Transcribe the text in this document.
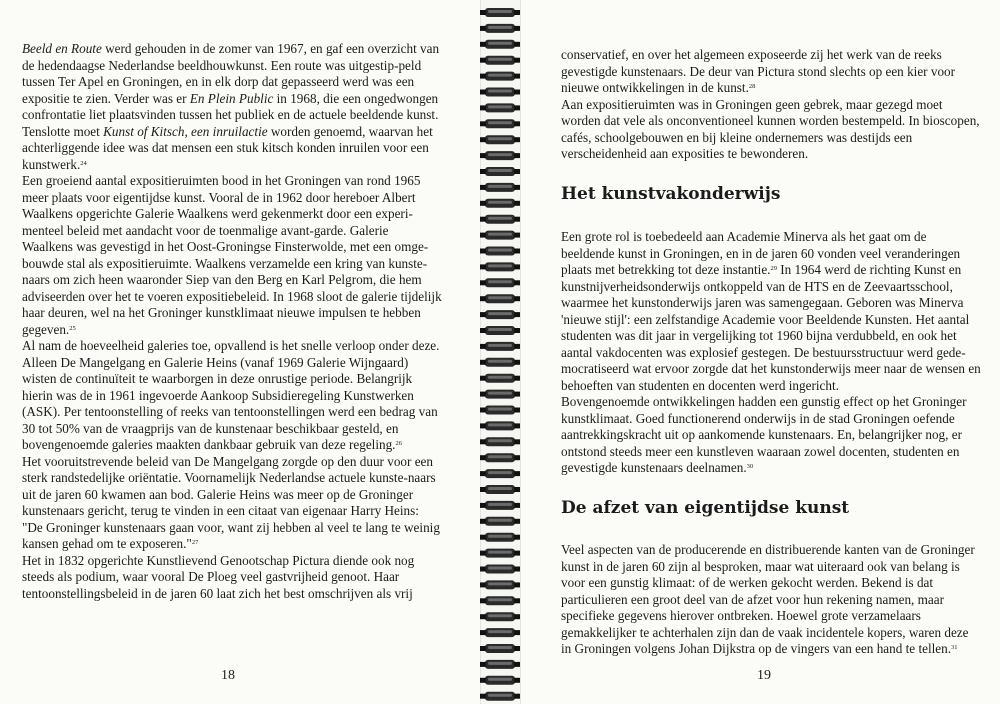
Beeld en Route werd gehouden in de zomer van 1967, en gaf een overzicht van de hedendaagse Nederlandse beeldhouwkunst. Een route was uitgestip-peld tussen Ter Apel en Groningen, en in elk dorp dat gepasseerd werd was een expositie te zien. Verder was er En Plein Public in 1968, die een ongedwongen confrontatie liet plaatsvinden tussen het publiek en de actuele beeldende kunst. Tenslotte moet Kunst of Kitsch, een inruilactie worden genoemd, waarvan het achterliggende idee was dat mensen een stuk kitsch konden inruilen voor een kunstwerk.$^{24}$

Een groeiend aantal expositieruimten bood in het Groningen van rond 1965 meer plaats voor eigentijdse kunst. Vooral de in 1962 door hereboer Albert Waalkens opgerichte Galerie Waalkens werd gekenmerkt door een experi-menteel beleid met aandacht voor de toenmalige avant-garde. Galerie Waalkens was gevestigd in het Oost-Groningse Finsterwolde, met een omge-bouwde stal als expositieruimte. Waalkens verzamelde een kring van kunste-naars om zich heen waaronder Siep van den Berg en Karl Pelgrom, die hem adviseerden over het te voeren expositiebeleid. In 1968 sloot de galerie tijdelijk haar deuren, wel na het Groninger kunstklimaat nieuwe impulsen te hebben gegeven.$^{25}$

Al nam de hoeveelheid galeries toe, opvallend is het snelle verloop onder deze. Alleen De Mangelgang en Galerie Heins (vanaf 1969 Galerie Wijngaard) wisten de continuïteit te waarborgen in deze onrustige periode. Belangrijk hierin was de in 1961 ingevoerde Aankoop Subsidieregeling Kunstwerken (ASK). Per tentoonstelling of reeks van tentoonstellingen werd een bedrag van 30 tot 50% van de vraagprijs van de kunstenaar beschikbaar gesteld, en bovengenoemde galeries maakten dankbaar gebruik van deze regeling.$^{26}$

Het vooruitstrevende beleid van De Mangelgang zorgde op den duur voor een sterk randstedelijke oriëntatie. Voornamelijk Nederlandse actuele kunste-naars uit de jaren 60 kwamen aan bod. Galerie Heins was meer op de Groninger kunstenaars gericht, terug te vinden in een citaat van eigenaar Harry Heins: "De Groninger kunstenaars gaan voor, want zij hebben al veel te lang te weinig kansen gehad om te exposeren."$^{27}$

Het in 1832 opgerichte Kunstlievend Genootschap Pictura diende ook nog steeds als podium, waar vooral De Ploeg veel gastvrijheid genoot. Haar tentoonstellingsbeleid in de jaren 60 laat zich het best omschrijven als vrij

18

conservatief, en over het algemeen exposeerde zij het werk van de reeks gevestigde kunstenaars. De deur van Pictura stond slechts op een kier voor nieuwe ontwikkelingen in de kunst.$^{28}$

Aan expositieruimten was in Groningen geen gebrek, maar gezegd moet worden dat vele als onconventioneel kunnen worden bestempeld. In bioscopen, cafés, schoolgebouwen en bij kleine ondernemers was destijds een verscheidenheid aan exposities te bewonderen.

Het kunstvakonderwijs

Een grote rol is toebedeeld aan Academie Minerva als het gaat om de beeldende kunst in Groningen, en in de jaren 60 vonden veel veranderingen plaats met betrekking tot deze instantie.$^{29}$ In 1964 werd de richting Kunst en kunstnijverheidsonderwijs ontkoppeld van de HTS en de Zeevaartsschool, waarmee het kunstonderwijs jaren was samengegaan. Geboren was Minerva 'nieuwe stijl': een zelfstandige Academie voor Beeldende Kunsten. Het aantal studenten was dit jaar in vergelijking tot 1960 bijna verdubbeld, en ook het aantal vakdocenten was explosief gestegen. De bestuursstructuur werd gede-mocratiseerd wat ervoor zorgde dat het kunstonderwijs meer naar de wensen en behoeften van studenten en docenten werd ingericht.

Bovengenoemde ontwikkelingen hadden een gunstig effect op het Groninger kunstklimaat. Goed functionerend onderwijs in de stad Groningen oefende aantrekkingskracht uit op aankomende kunstenaars. En, belangrijker nog, er ontstond steeds meer een kunstleven waaraan zowel docenten, studenten en gevestigde kunstenaars deelnamen.$^{30}$

De afzet van eigentijdse kunst

Veel aspecten van de producerende en distribuerende kanten van de Groninger kunst in de jaren 60 zijn al besproken, maar wat uiteraard ook van belang is voor een gunstig klimaat: of de werken gekocht werden. Bekend is dat particulieren een groot deel van de afzet voor hun rekening namen, maar specifieke gegevens hierover ontbreken. Hoewel grote verzamelaars gemakkelijker te achterhalen zijn dan de vaak incidentele kopers, waren deze in Groningen volgens Johan Dijkstra op de vingers van een hand te tellen.$^{31}$

19
